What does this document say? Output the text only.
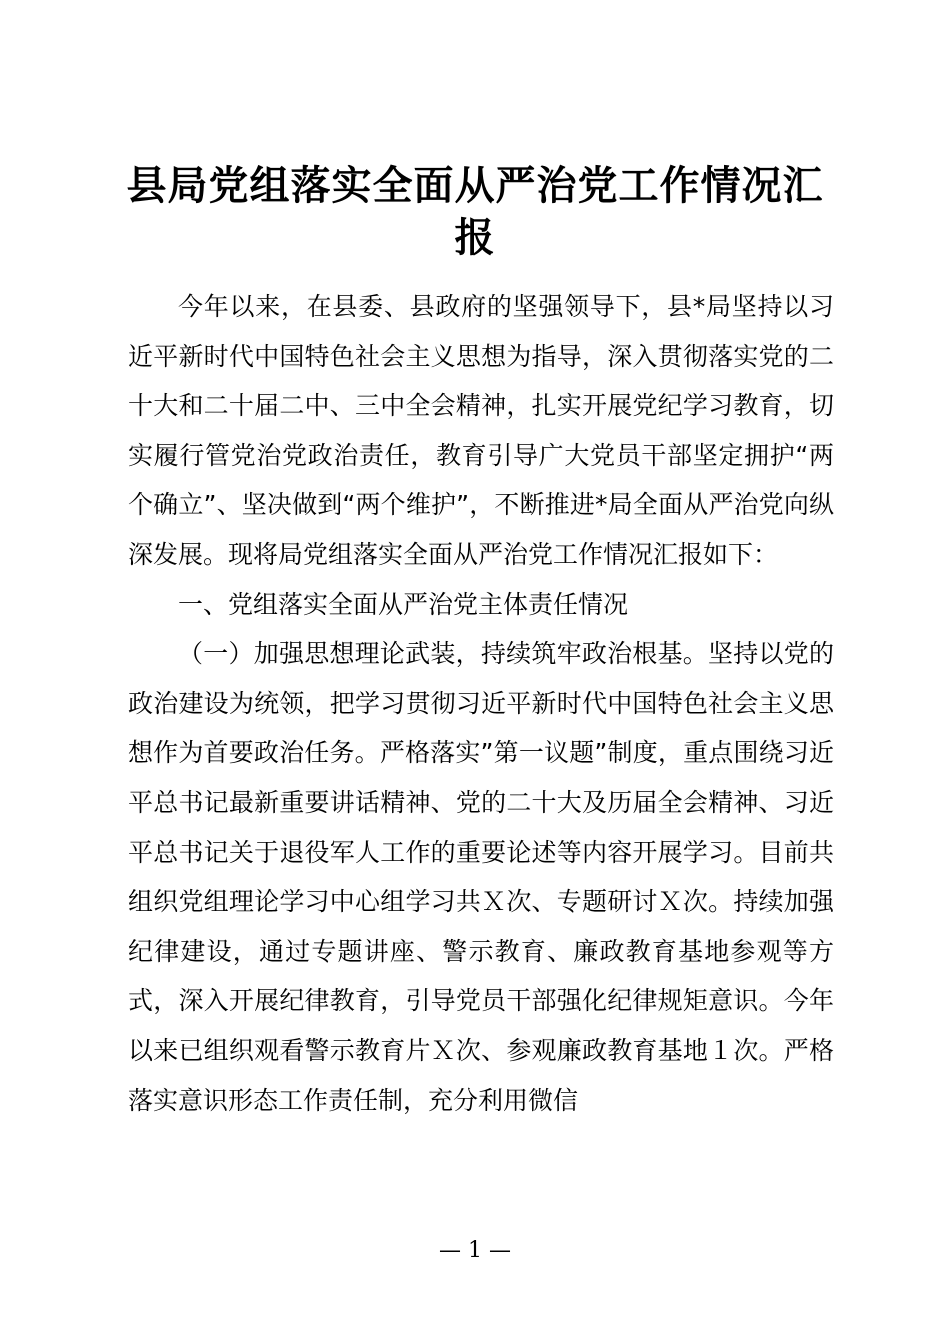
县局党组落实全面从严治党工作情况汇报

今年以来，在县委、县政府的坚强领导下，县*局坚持以习近平新时代中国特色社会主义思想为指导，深入贯彻落实党的二十大和二十届二中、三中全会精神，扎实开展党纪学习教育，切实履行管党治党政治责任，教育引导广大党员干部坚定拥护“两个确立”、坚决做到“两个维护”，不断推进*局全面从严治党向纵深发展。现将局党组落实全面从严治党工作情况汇报如下：

一、党组落实全面从严治党主体责任情况

（一）加强思想理论武装，持续筑牢政治根基。坚持以党的政治建设为统领，把学习贯彻习近平新时代中国特色社会主义思想作为首要政治任务。严格落实”第一议题”制度，重点围绕习近平总书记最新重要讲话精神、党的二十大及历届全会精神、习近平总书记关于退役军人工作的重要论述等内容开展学习。目前共组织党组理论学习中心组学习共Ｘ次、专题研讨Ｘ次。持续加强纪律建设，通过专题讲座、警示教育、廉政教育基地参观等方式，深入开展纪律教育，引导党员干部强化纪律规矩意识。今年以来已组织观看警示教育片Ｘ次、参观廉政教育基地１次。严格落实意识形态工作责任制，充分利用微信

— 1 —
